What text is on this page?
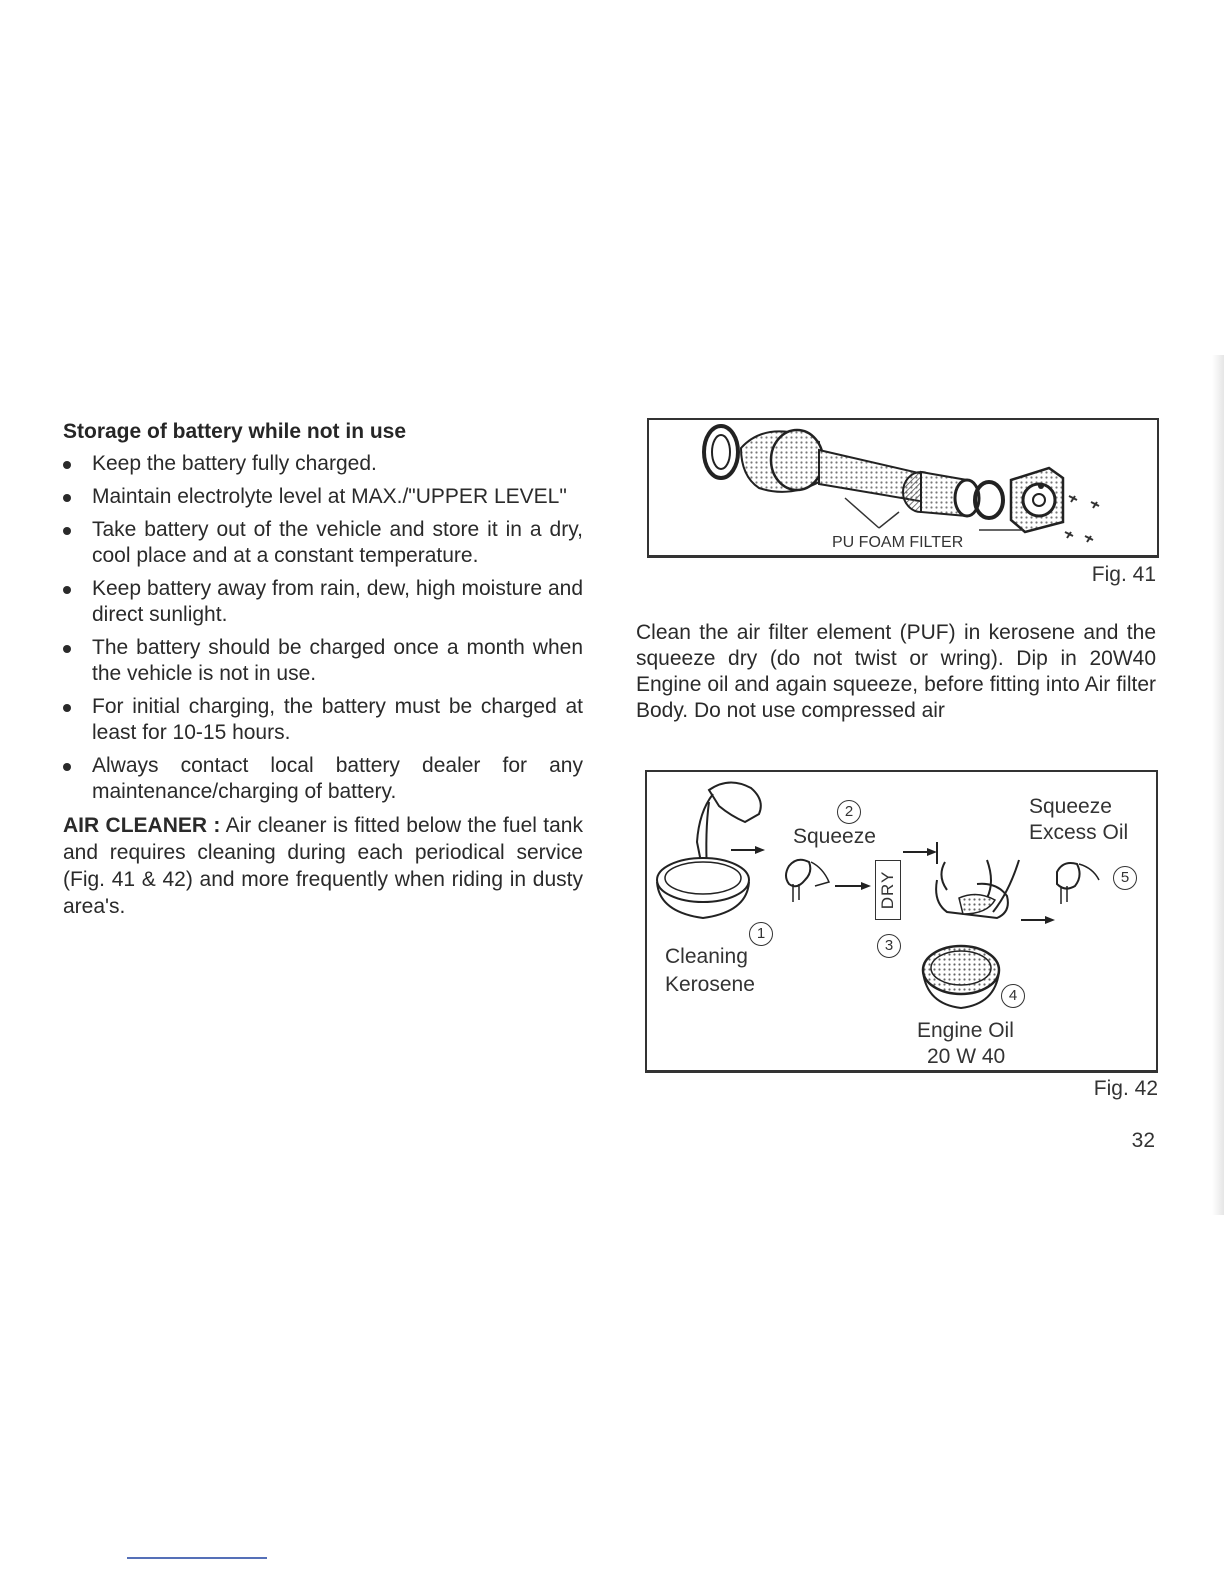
Storage of battery while not in use
Keep the battery fully charged.
Maintain electrolyte level at MAX./"UPPER LEVEL"
Take battery out of the vehicle and store it in a dry, cool place and at a constant temperature.
Keep battery away from rain, dew, high moisture and direct sunlight.
The battery should be charged once a month when the vehicle is not in use.
For initial charging, the battery must be charged at least for 10-15 hours.
Always contact local battery dealer for any maintenance/charging of battery.

AIR CLEANER : Air cleaner is fitted below the fuel tank and requires cleaning during each periodical service (Fig. 41 & 42) and more frequently when riding in dusty area's.

PU FOAM FILTER
Fig. 41
Clean the air filter element (PUF) in kerosene and the squeeze dry (do not twist or wring). Dip in 20W40 Engine oil and again squeeze, before fitting into Air filter Body. Do not use compressed air
2
Squeeze
DRY
3
Squeeze
Excess Oil
5
1
Cleaning
Kerosene	4
Engine Oil
20 W 40
Fig. 42
32
